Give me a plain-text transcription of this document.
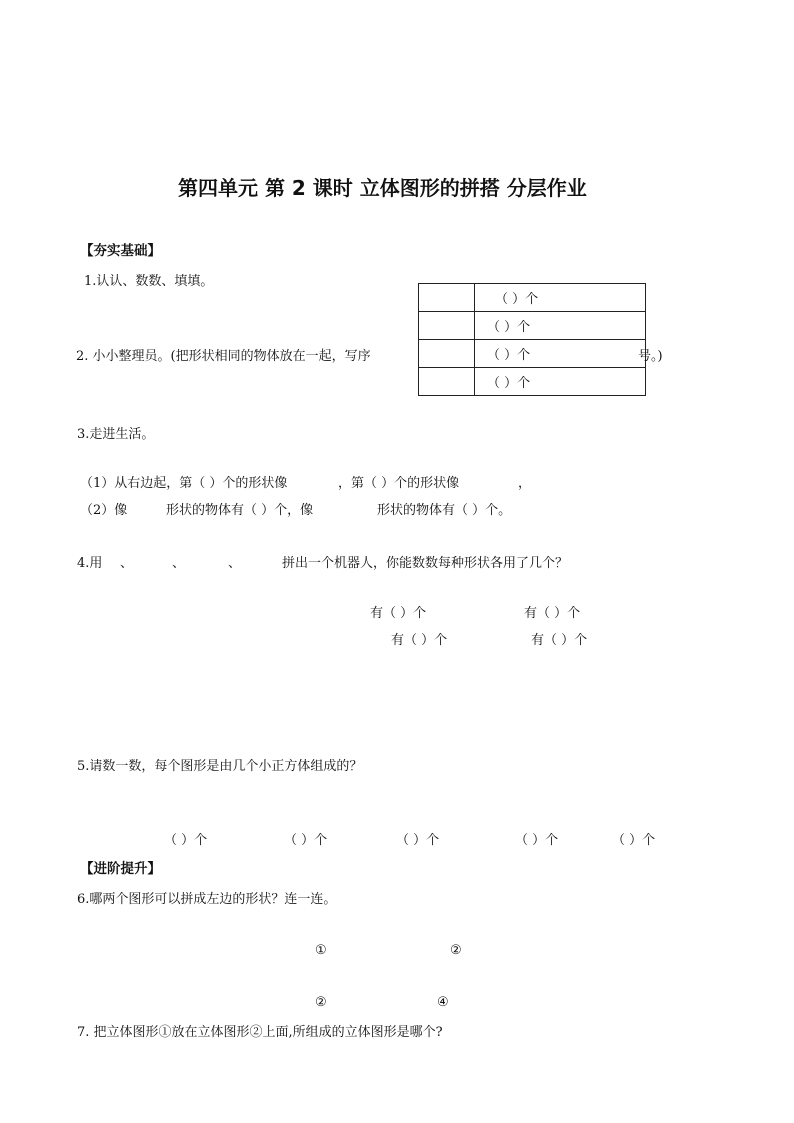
第四单元 第 2 课时 立体图形的拼搭 分层作业
【夯实基础】
1.认认、数数、填填。
2. 小小整理员。(把形状相同的物体放在一起，写序
	（ ）个
	（ ）个
	（ ）个
	（ ）个
号。)
3.走进生活。
（1）从右边起，第（ ）个的形状像	，第（ ）个的形状像	，
（2）像	形状的物体有（ ）个，像	形状的物体有（ ）个。
4.用 、	、	、	拼出一个机器人，你能数数每种形状各用了几个？
有（ ）个	有（ ）个
有（ ）个	有（ ）个
5.请数一数，每个图形是由几个小正方体组成的？
（ ）个	（ ）个	（ ）个	（ ）个	（ ）个
【进阶提升】
6.哪两个图形可以拼成左边的形状？连一连。
①	②
②	④
7. 把立体图形①放在立体图形②上面,所组成的立体图形是哪个?
